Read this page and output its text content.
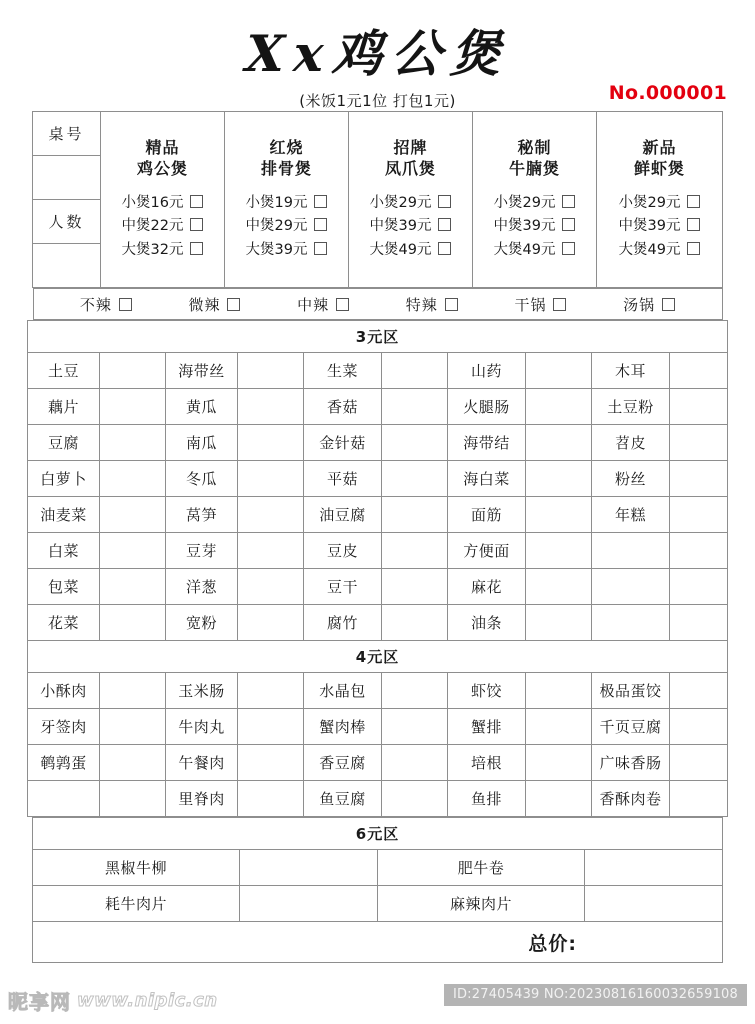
Xx鸡公煲
(米饭1元1位 打包1元)	No.000001
桌号	
精品
鸡公煲
小煲16元
中煲22元
大煲32元

红烧
排骨煲
小煲19元
中煲29元
大煲39元

招牌
凤爪煲
小煲29元
中煲39元
大煲49元

秘制
牛腩煲
小煲29元
中煲39元
大煲49元

新品
鲜虾煲
小煲29元
中煲39元
大煲49元

人数

不辣	微辣	中辣	特辣	干锅	汤锅
3元区									
土豆		海带丝		生菜		山药		木耳	
藕片		黄瓜		香菇		火腿肠		土豆粉	
豆腐		南瓜		金针菇		海带结		苕皮	
白萝卜		冬瓜		平菇		海白菜		粉丝	
油麦菜		莴笋		油豆腐		面筋		年糕	
白菜		豆芽		豆皮		方便面			
包菜		洋葱		豆干		麻花			
花菜		宽粉		腐竹		油条			
4元区									
小酥肉		玉米肠		水晶包		虾饺		极品蛋饺	
牙签肉		牛肉丸		蟹肉棒		蟹排		千页豆腐	
鹌鹑蛋		午餐肉		香豆腐		培根		广味香肠	
		里脊肉		鱼豆腐		鱼排		香酥肉卷	
6元区			
黑椒牛柳		肥牛卷	
耗牛肉片		麻辣肉片	

总价:			
昵享网 www.nipic.cn	ID:27405439 NO:20230816160032659108
